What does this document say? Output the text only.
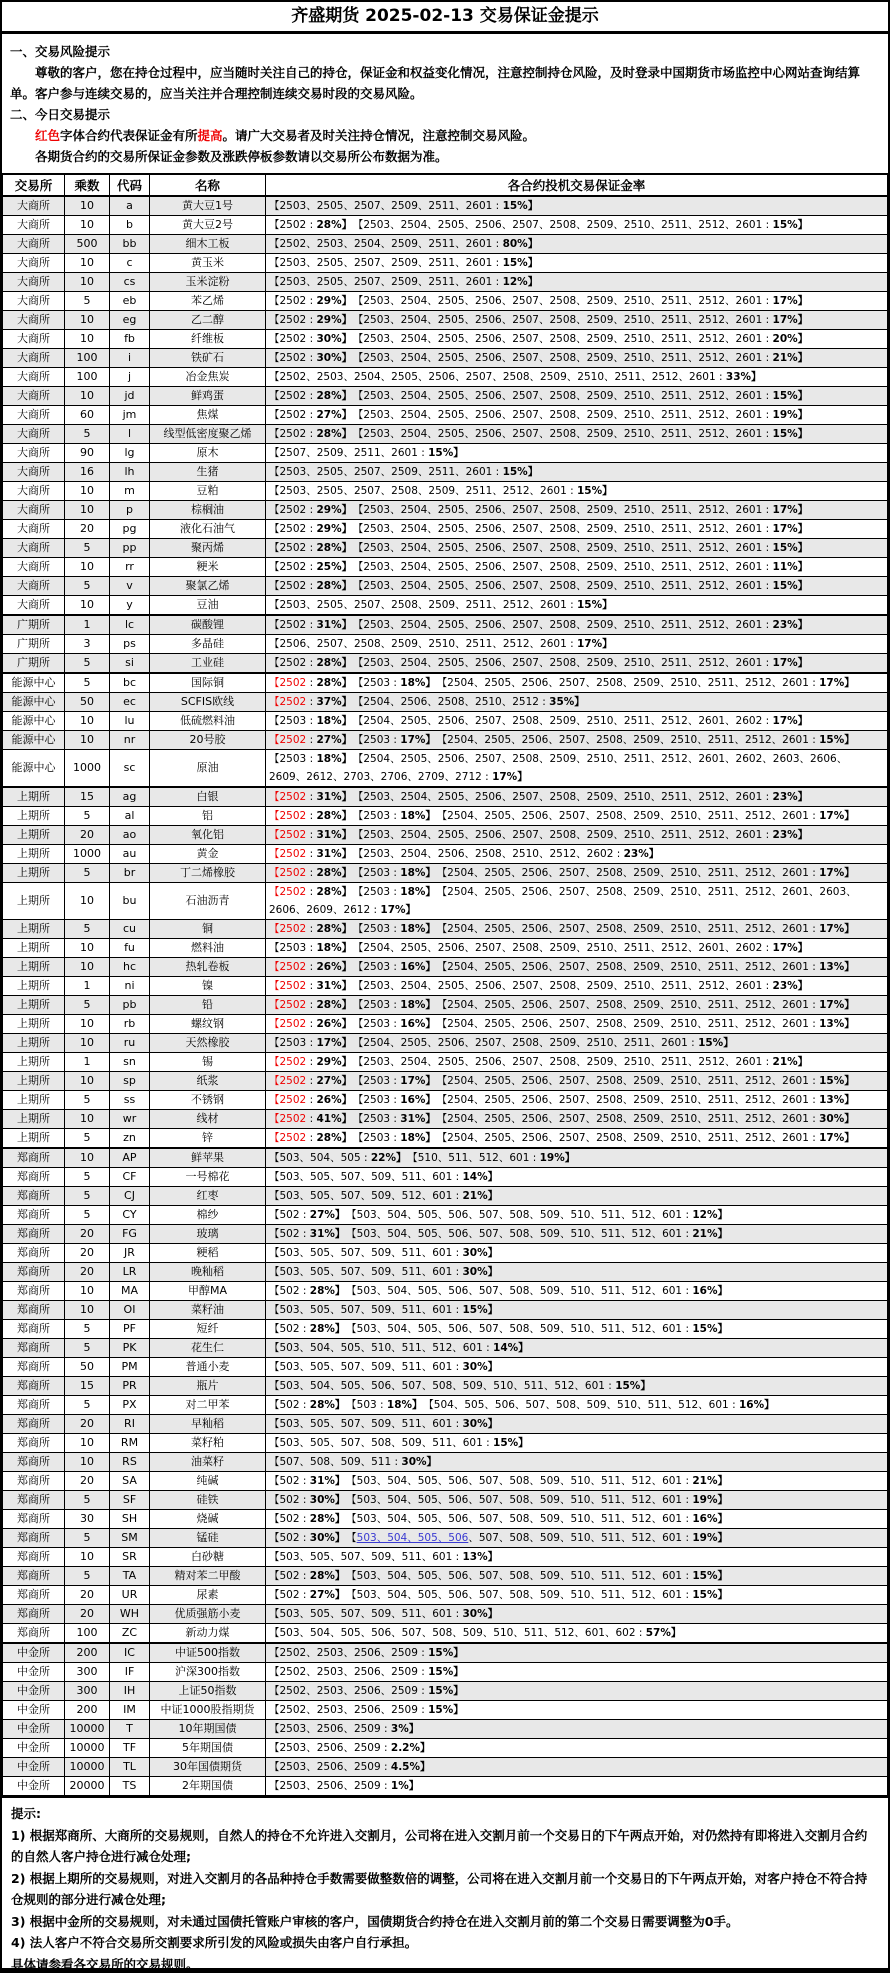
齐盛期货 2025-02-13 交易保证金提示

一、交易风险提示

尊敬的客户，您在持仓过程中，应当随时关注自己的持仓，保证金和权益变化情况，注意控制持仓风险，及时登录中国期货市场监控中心网站查询结算单。客户参与连续交易的，应当关注并合理控制连续交易时段的交易风险。

二、今日交易提示

红色字体合约代表保证金有所提高。请广大交易者及时关注持仓情况，注意控制交易风险。

各期货合约的交易所保证金参数及涨跌停板参数请以交易所公布数据为准。

交易所	乘数	代码	名称	各合约投机交易保证金率
大商所	10	a	黄大豆1号	【2503、2505、2507、2509、2511、2601 : 15%】
大商所	10	b	黄大豆2号	【2502 : 28%】 【2503、2504、2505、2506、2507、2508、2509、2510、2511、2512、2601 : 15%】
大商所	500	bb	细木工板	【2502、2503、2504、2509、2511、2601 : 80%】
大商所	10	c	黄玉米	【2503、2505、2507、2509、2511、2601 : 15%】
大商所	10	cs	玉米淀粉	【2503、2505、2507、2509、2511、2601 : 12%】
大商所	5	eb	苯乙烯	【2502 : 29%】 【2503、2504、2505、2506、2507、2508、2509、2510、2511、2512、2601 : 17%】
大商所	10	eg	乙二醇	【2502 : 29%】 【2503、2504、2505、2506、2507、2508、2509、2510、2511、2512、2601 : 17%】
大商所	10	fb	纤维板	【2502 : 30%】 【2503、2504、2505、2506、2507、2508、2509、2510、2511、2512、2601 : 20%】
大商所	100	i	铁矿石	【2502 : 30%】 【2503、2504、2505、2506、2507、2508、2509、2510、2511、2512、2601 : 21%】
大商所	100	j	冶金焦炭	【2502、2503、2504、2505、2506、2507、2508、2509、2510、2511、2512、2601 : 33%】
大商所	10	jd	鲜鸡蛋	【2502 : 28%】 【2503、2504、2505、2506、2507、2508、2509、2510、2511、2512、2601 : 15%】
大商所	60	jm	焦煤	【2502 : 27%】 【2503、2504、2505、2506、2507、2508、2509、2510、2511、2512、2601 : 19%】
大商所	5	l	线型低密度聚乙烯	【2502 : 28%】 【2503、2504、2505、2506、2507、2508、2509、2510、2511、2512、2601 : 15%】
大商所	90	lg	原木	【2507、2509、2511、2601 : 15%】
大商所	16	lh	生猪	【2503、2505、2507、2509、2511、2601 : 15%】
大商所	10	m	豆粕	【2503、2505、2507、2508、2509、2511、2512、2601 : 15%】
大商所	10	p	棕榈油	【2502 : 29%】 【2503、2504、2505、2506、2507、2508、2509、2510、2511、2512、2601 : 17%】
大商所	20	pg	液化石油气	【2502 : 29%】 【2503、2504、2505、2506、2507、2508、2509、2510、2511、2512、2601 : 17%】
大商所	5	pp	聚丙烯	【2502 : 28%】 【2503、2504、2505、2506、2507、2508、2509、2510、2511、2512、2601 : 15%】
大商所	10	rr	粳米	【2502 : 25%】 【2503、2504、2505、2506、2507、2508、2509、2510、2511、2512、2601 : 11%】
大商所	5	v	聚氯乙烯	【2502 : 28%】 【2503、2504、2505、2506、2507、2508、2509、2510、2511、2512、2601 : 15%】
大商所	10	y	豆油	【2503、2505、2507、2508、2509、2511、2512、2601 : 15%】
广期所	1	lc	碳酸锂	【2502 : 31%】 【2503、2504、2505、2506、2507、2508、2509、2510、2511、2512、2601 : 23%】
广期所	3	ps	多晶硅	【2506、2507、2508、2509、2510、2511、2512、2601 : 17%】
广期所	5	si	工业硅	【2502 : 28%】 【2503、2504、2505、2506、2507、2508、2509、2510、2511、2512、2601 : 17%】
能源中心	5	bc	国际铜	【2502 : 28%】 【2503 : 18%】 【2504、2505、2506、2507、2508、2509、2510、2511、2512、2601 : 17%】
能源中心	50	ec	SCFIS欧线	【2502 : 37%】 【2504、2506、2508、2510、2512 : 35%】
能源中心	10	lu	低硫燃料油	【2503 : 18%】 【2504、2505、2506、2507、2508、2509、2510、2511、2512、2601、2602 : 17%】
能源中心	10	nr	20号胶	【2502 : 27%】 【2503 : 17%】 【2504、2505、2506、2507、2508、2509、2510、2511、2512、2601 : 15%】
能源中心	1000	sc	原油	【2503 : 18%】 【2504、2505、2506、2507、2508、2509、2510、2511、2512、2601、2602、2603、2606、2609、2612、2703、2706、2709、2712 : 17%】
上期所	15	ag	白银	【2502 : 31%】 【2503、2504、2505、2506、2507、2508、2509、2510、2511、2512、2601 : 23%】
上期所	5	al	铝	【2502 : 28%】 【2503 : 18%】 【2504、2505、2506、2507、2508、2509、2510、2511、2512、2601 : 17%】
上期所	20	ao	氧化铝	【2502 : 31%】 【2503、2504、2505、2506、2507、2508、2509、2510、2511、2512、2601 : 23%】
上期所	1000	au	黄金	【2502 : 31%】 【2503、2504、2506、2508、2510、2512、2602 : 23%】
上期所	5	br	丁二烯橡胶	【2502 : 28%】 【2503 : 18%】 【2504、2505、2506、2507、2508、2509、2510、2511、2512、2601 : 17%】
上期所	10	bu	石油沥青	【2502 : 28%】 【2503 : 18%】 【2504、2505、2506、2507、2508、2509、2510、2511、2512、2601、2603、2606、2609、2612 : 17%】
上期所	5	cu	铜	【2502 : 28%】 【2503 : 18%】 【2504、2505、2506、2507、2508、2509、2510、2511、2512、2601 : 17%】
上期所	10	fu	燃料油	【2503 : 18%】 【2504、2505、2506、2507、2508、2509、2510、2511、2512、2601、2602 : 17%】
上期所	10	hc	热轧卷板	【2502 : 26%】 【2503 : 16%】 【2504、2505、2506、2507、2508、2509、2510、2511、2512、2601 : 13%】
上期所	1	ni	镍	【2502 : 31%】 【2503、2504、2505、2506、2507、2508、2509、2510、2511、2512、2601 : 23%】
上期所	5	pb	铅	【2502 : 28%】 【2503 : 18%】 【2504、2505、2506、2507、2508、2509、2510、2511、2512、2601 : 17%】
上期所	10	rb	螺纹钢	【2502 : 26%】 【2503 : 16%】 【2504、2505、2506、2507、2508、2509、2510、2511、2512、2601 : 13%】
上期所	10	ru	天然橡胶	【2503 : 17%】 【2504、2505、2506、2507、2508、2509、2510、2511、2601 : 15%】
上期所	1	sn	锡	【2502 : 29%】 【2503、2504、2505、2506、2507、2508、2509、2510、2511、2512、2601 : 21%】
上期所	10	sp	纸浆	【2502 : 27%】 【2503 : 17%】 【2504、2505、2506、2507、2508、2509、2510、2511、2512、2601 : 15%】
上期所	5	ss	不锈钢	【2502 : 26%】 【2503 : 16%】 【2504、2505、2506、2507、2508、2509、2510、2511、2512、2601 : 13%】
上期所	10	wr	线材	【2502 : 41%】 【2503 : 31%】 【2504、2505、2506、2507、2508、2509、2510、2511、2512、2601 : 30%】
上期所	5	zn	锌	【2502 : 28%】 【2503 : 18%】 【2504、2505、2506、2507、2508、2509、2510、2511、2512、2601 : 17%】
郑商所	10	AP	鲜苹果	【503、504、505 : 22%】 【510、511、512、601 : 19%】
郑商所	5	CF	一号棉花	【503、505、507、509、511、601 : 14%】
郑商所	5	CJ	红枣	【503、505、507、509、512、601 : 21%】
郑商所	5	CY	棉纱	【502 : 27%】 【503、504、505、506、507、508、509、510、511、512、601 : 12%】
郑商所	20	FG	玻璃	【502 : 31%】 【503、504、505、506、507、508、509、510、511、512、601 : 21%】
郑商所	20	JR	粳稻	【503、505、507、509、511、601 : 30%】
郑商所	20	LR	晚籼稻	【503、505、507、509、511、601 : 30%】
郑商所	10	MA	甲醇MA	【502 : 28%】 【503、504、505、506、507、508、509、510、511、512、601 : 16%】
郑商所	10	OI	菜籽油	【503、505、507、509、511、601 : 15%】
郑商所	5	PF	短纤	【502 : 28%】 【503、504、505、506、507、508、509、510、511、512、601 : 15%】
郑商所	5	PK	花生仁	【503、504、505、510、511、512、601 : 14%】
郑商所	50	PM	普通小麦	【503、505、507、509、511、601 : 30%】
郑商所	15	PR	瓶片	【503、504、505、506、507、508、509、510、511、512、601 : 15%】
郑商所	5	PX	对二甲苯	【502 : 28%】 【503 : 18%】 【504、505、506、507、508、509、510、511、512、601 : 16%】
郑商所	20	RI	早籼稻	【503、505、507、509、511、601 : 30%】
郑商所	10	RM	菜籽粕	【503、505、507、508、509、511、601 : 15%】
郑商所	10	RS	油菜籽	【507、508、509、511 : 30%】
郑商所	20	SA	纯碱	【502 : 31%】 【503、504、505、506、507、508、509、510、511、512、601 : 21%】
郑商所	5	SF	硅铁	【502 : 30%】 【503、504、505、506、507、508、509、510、511、512、601 : 19%】
郑商所	30	SH	烧碱	【502 : 28%】 【503、504、505、506、507、508、509、510、511、512、601 : 16%】
郑商所	5	SM	锰硅	【502 : 30%】 【503、504、505、506、507、508、509、510、511、512、601 : 19%】
郑商所	10	SR	白砂糖	【503、505、507、509、511、601 : 13%】
郑商所	5	TA	精对苯二甲酸	【502 : 28%】 【503、504、505、506、507、508、509、510、511、512、601 : 15%】
郑商所	20	UR	尿素	【502 : 27%】 【503、504、505、506、507、508、509、510、511、512、601 : 15%】
郑商所	20	WH	优质强筋小麦	【503、505、507、509、511、601 : 30%】
郑商所	100	ZC	新动力煤	【503、504、505、506、507、508、509、510、511、512、601、602 : 57%】
中金所	200	IC	中证500指数	【2502、2503、2506、2509 : 15%】
中金所	300	IF	沪深300指数	【2502、2503、2506、2509 : 15%】
中金所	300	IH	上证50指数	【2502、2503、2506、2509 : 15%】
中金所	200	IM	中证1000股指期货	【2502、2503、2506、2509 : 15%】
中金所	10000	T	10年期国债	【2503、2506、2509 : 3%】
中金所	10000	TF	5年期国债	【2503、2506、2509 : 2.2%】
中金所	10000	TL	30年国债期货	【2503、2506、2509 : 4.5%】
中金所	20000	TS	2年期国债	【2503、2506、2509 : 1%】

提示:

1) 根据郑商所、大商所的交易规则，自然人的持仓不允许进入交割月，公司将在进入交割月前一个交易日的下午两点开始，对仍然持有即将进入交割月合约的自然人客户持仓进行减仓处理;

2) 根据上期所的交易规则，对进入交割月的各品种持仓手数需要做整数倍的调整，公司将在进入交割月前一个交易日的下午两点开始，对客户持仓不符合持仓规则的部分进行减仓处理;

3) 根据中金所的交易规则，对未通过国债托管账户审核的客户，国债期货合约持仓在进入交割月前的第二个交易日需要调整为0手。

4) 法人客户不符合交易所交割要求所引发的风险或损失由客户自行承担。

具体请参看各交易所的交易规则。
